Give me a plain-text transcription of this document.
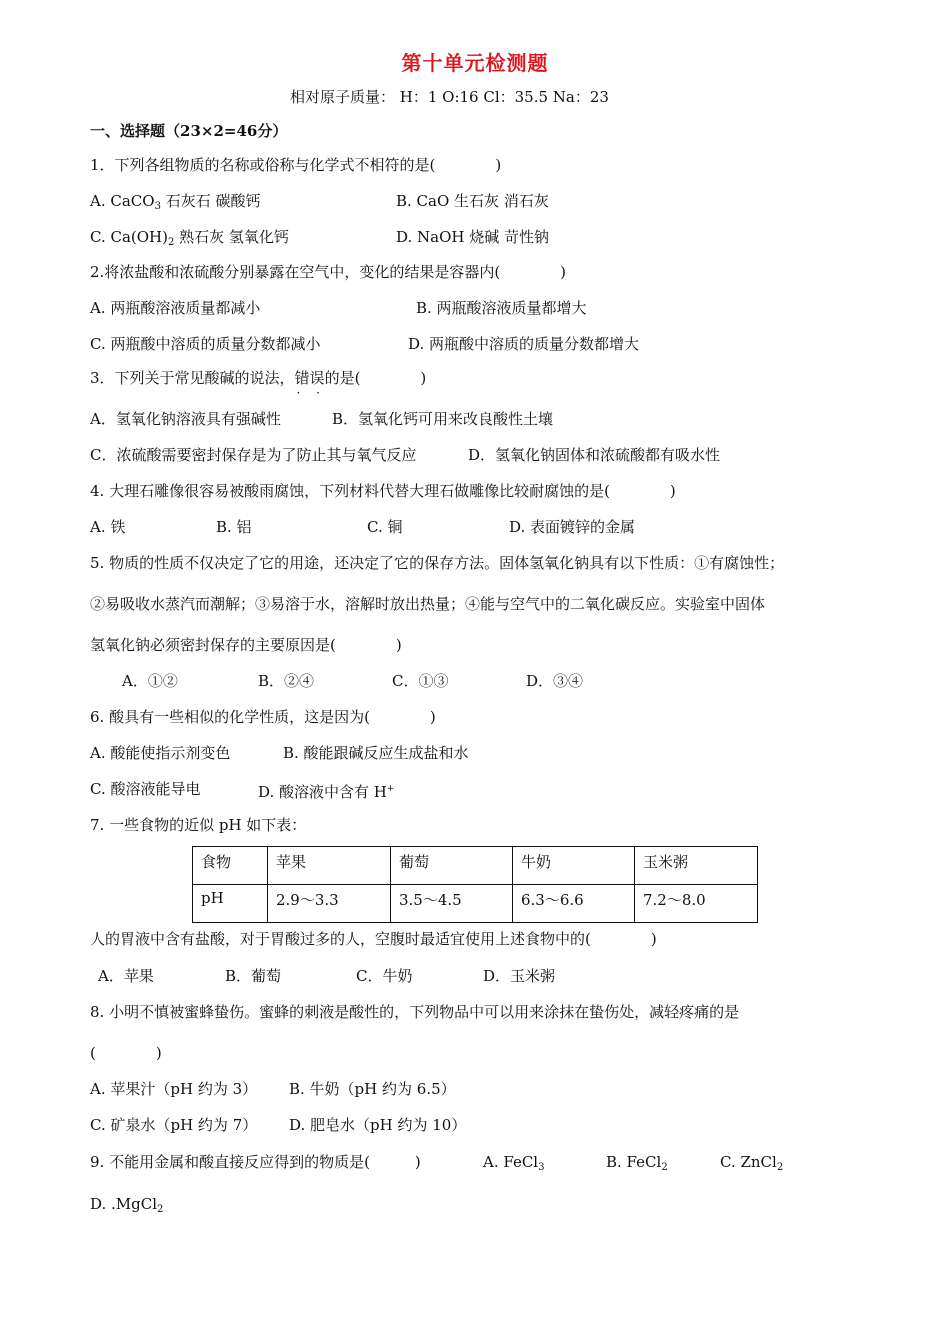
第十单元检测题
相对原子质量： H：1 O:16 Cl：35.5 Na：23
一、选择题（23×2=46分）
1．下列各组物质的名称或俗称与化学式不相符的是(　　　　)
A. CaCO$_3$ 石灰石 碳酸钙	B. CaO 生石灰 消石灰
C. $Ca(OH)_2$ 熟石灰 氢氧化钙	D. NaOH 烧碱 苛性钠
2.将浓盐酸和浓硫酸分别暴露在空气中，变化的结果是容器内(　　　　)
A. 两瓶酸溶液质量都减小	B. 两瓶酸溶液质量都增大
C. 两瓶酸中溶质的质量分数都减小	D. 两瓶酸中溶质的质量分数都增大
3．下列关于常见酸碱的说法，错误 · ·的是(　　　　)
A．氢氧化钠溶液具有强碱性	B．氢氧化钙可用来改良酸性土壤
C．浓硫酸需要密封保存是为了防止其与氧气反应	D．氢氧化钠固体和浓硫酸都有吸水性
4. 大理石雕像很容易被酸雨腐蚀，下列材料代替大理石做雕像比较耐腐蚀的是(　　　　)
A. 铁	B. 铝	C. 铜	D. 表面镀锌的金属
5. 物质的性质不仅决定了它的用途，还决定了它的保存方法。固体氢氧化钠具有以下性质：①有腐蚀性；
②易吸收水蒸汽而潮解；③易溶于水，溶解时放出热量；④能与空气中的二氧化碳反应。实验室中固体
氢氧化钠必须密封保存的主要原因是(　　　　)
A．①②	B．②④	C．①③	D．③④
6. 酸具有一些相似的化学性质，这是因为(　　　　)
A. 酸能使指示剂变色	B. 酸能跟碱反应生成盐和水
C. 酸溶液能导电	D. 酸溶液中含有 H+
7. 一些食物的近似 pH 如下表：
食物	苹果	葡萄	牛奶	玉米粥
pH	2.9～3.3	3.5～4.5	6.3～6.6	7.2～8.0
人的胃液中含有盐酸，对于胃酸过多的人，空腹时最适宜使用上述食物中的(　　　　)
A．苹果	B．葡萄	C．牛奶	D．玉米粥
8. 小明不慎被蜜蜂蛰伤。蜜蜂的刺液是酸性的，下列物品中可以用来涂抹在蛰伤处，减轻疼痛的是
(　　　　)
A. 苹果汁（pH 约为 3） B. 牛奶（pH 约为 6.5）
C. 矿泉水（pH 约为 7） D. 肥皂水（pH 约为 10）
9. 不能用金属和酸直接反应得到的物质是(　　　)	A. FeCl$_3$	B. FeCl$_2$	C. ZnCl$_2$
D. .MgCl$_2$
